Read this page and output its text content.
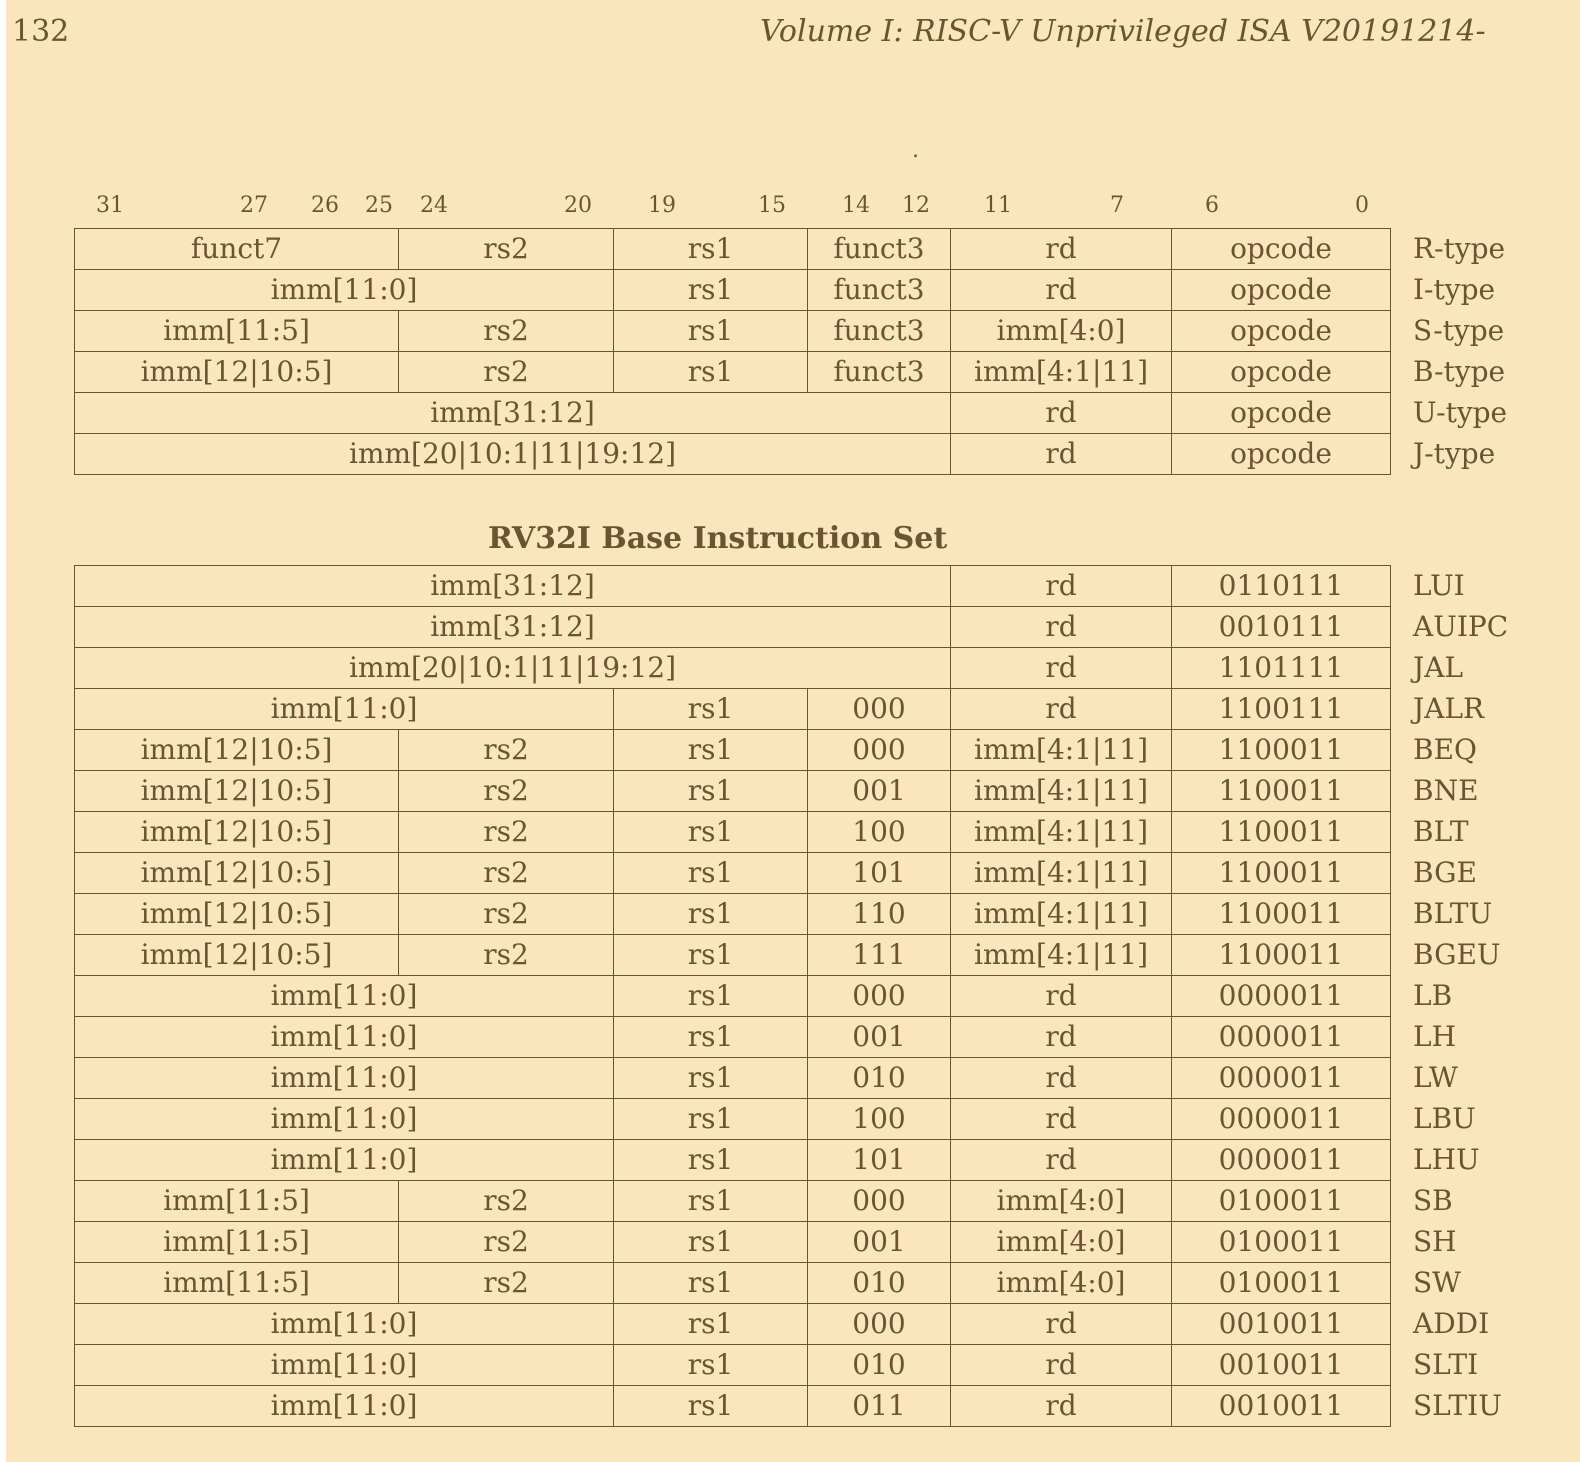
132	Volume I: RISC-V Unprivileged ISA V20191214-
.
31	27 26 25 24	20	19	15	14 12 11	7	6	0
funct7	rs2	rs1	funct3	rd	opcode	R-type
imm[11:0]		rs1	funct3	rd	opcode	I-type
imm[11:5]	rs2	rs1	funct3	imm[4:0]	opcode	S-type
imm[12|10:5]	rs2	rs1	funct3	imm[4:1|11]	opcode	B-type
imm[31:12]				rd	opcode	U-type
imm[20|10:1|11|19:12]				rd	opcode	J-type
RV32I Base Instruction Set
imm[31:12]				rd	0110111	LUI
imm[31:12]				rd	0010111	AUIPC
imm[20|10:1|11|19:12]				rd	1101111	JAL
imm[11:0]		rs1	000	rd	1100111	JALR
imm[12|10:5]	rs2	rs1	000	imm[4:1|11]	1100011	BEQ
imm[12|10:5]	rs2	rs1	001	imm[4:1|11]	1100011	BNE
imm[12|10:5]	rs2	rs1	100	imm[4:1|11]	1100011	BLT
imm[12|10:5]	rs2	rs1	101	imm[4:1|11]	1100011	BGE
imm[12|10:5]	rs2	rs1	110	imm[4:1|11]	1100011	BLTU
imm[12|10:5]	rs2	rs1	111	imm[4:1|11]	1100011	BGEU
imm[11:0]		rs1	000	rd	0000011	LB
imm[11:0]		rs1	001	rd	0000011	LH
imm[11:0]		rs1	010	rd	0000011	LW
imm[11:0]		rs1	100	rd	0000011	LBU
imm[11:0]		rs1	101	rd	0000011	LHU
imm[11:5]	rs2	rs1	000	imm[4:0]	0100011	SB
imm[11:5]	rs2	rs1	001	imm[4:0]	0100011	SH
imm[11:5]	rs2	rs1	010	imm[4:0]	0100011	SW
imm[11:0]		rs1	000	rd	0010011	ADDI
imm[11:0]		rs1	010	rd	0010011	SLTI
imm[11:0]		rs1	011	rd	0010011	SLTIU
